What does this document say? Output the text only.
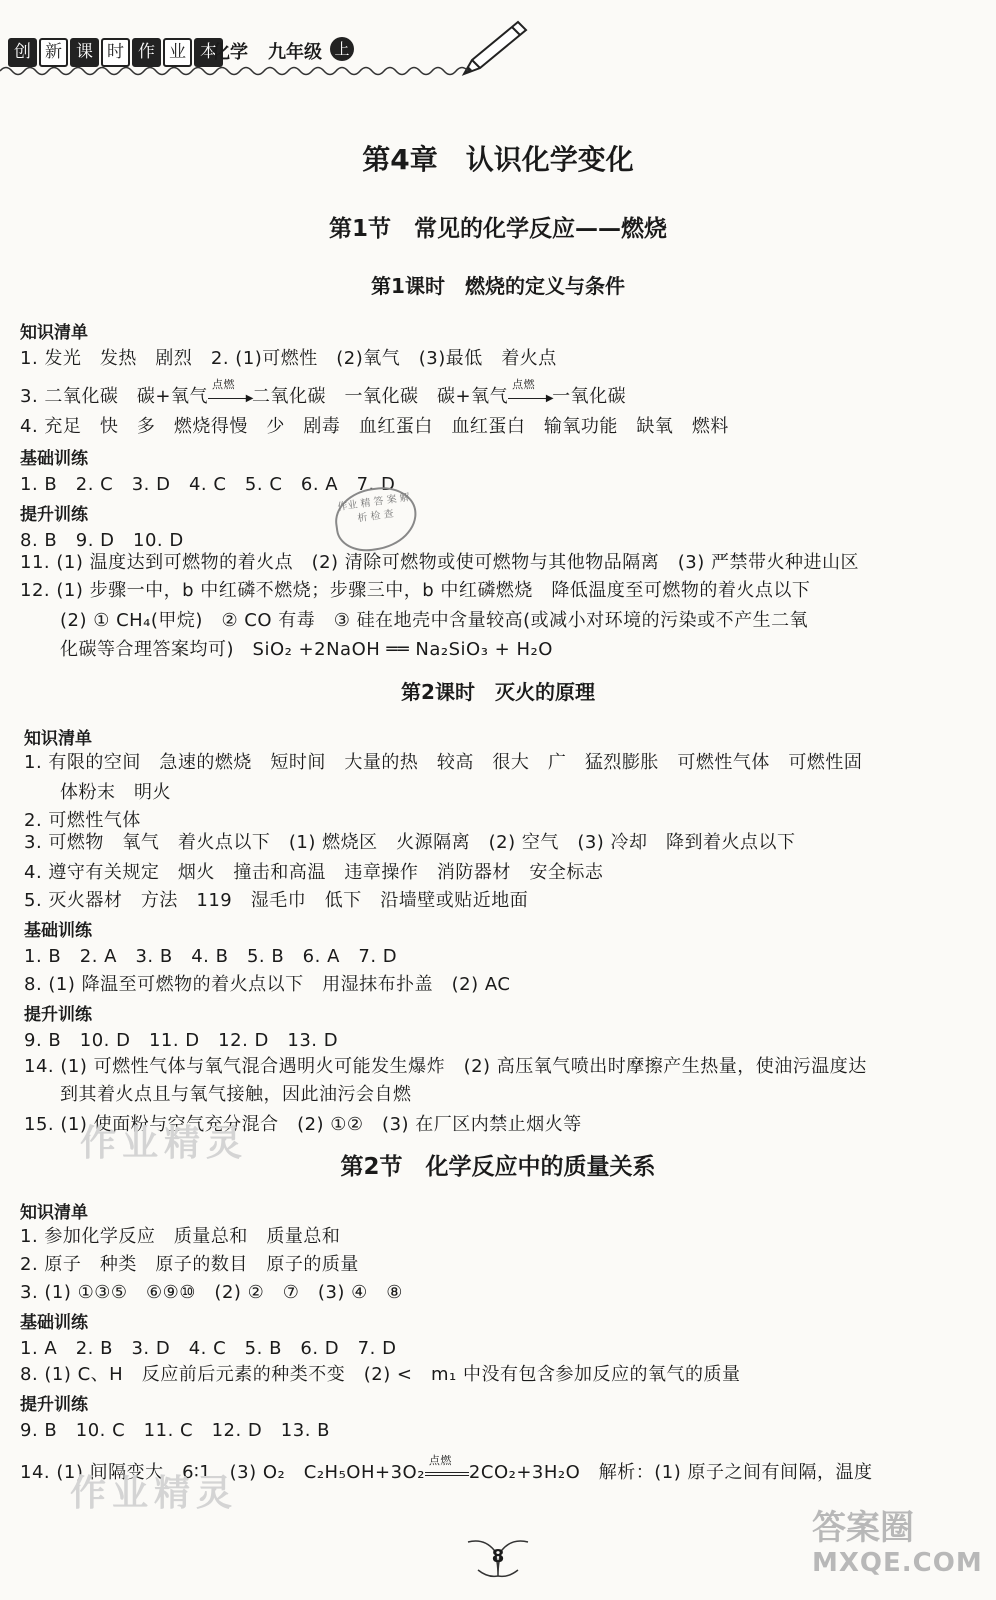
创 新 课 时 作 业 本
化学 九年级 上
第4章　认识化学变化
第1节　常见的化学反应——燃烧
第1课时　燃烧的定义与条件
知识清单
1. 发光　发热　剧烈　2. (1)可燃性　(2)氧气　(3)最低　着火点
3. 二氧化碳　碳+氧气
点燃
▶
二氧化碳　一氧化碳　碳+氧气
点燃
▶
一氧化碳
4. 充足　快　多　燃烧得慢　少　剧毒　血红蛋白　血红蛋白　输氧功能　缺氧　燃料
基础训练
1. B　2. C　3. D　4. C　5. C　6. A　7. D
提升训练
8. B　9. D　10. D
11. (1) 温度达到可燃物的着火点　(2) 清除可燃物或使可燃物与其他物品隔离　(3) 严禁带火种进山区
12. (1) 步骤一中，b 中红磷不燃烧；步骤三中，b 中红磷燃烧　降低温度至可燃物的着火点以下
(2) ① CH₄(甲烷)　② CO 有毒　③ 硅在地壳中含量较高(或减小对环境的污染或不产生二氧
化碳等合理答案均可)　SiO₂ +2NaOH ══ Na₂SiO₃ + H₂O
作业 精 答 案 解 析 检 查
第2课时　灭火的原理
知识清单
1. 有限的空间　急速的燃烧　短时间　大量的热　较高　很大　广　猛烈膨胀　可燃性气体　可燃性固
体粉末　明火
2. 可燃性气体
3. 可燃物　氧气　着火点以下　(1) 燃烧区　火源隔离　(2) 空气　(3) 冷却　降到着火点以下
4. 遵守有关规定　烟火　撞击和高温　违章操作　消防器材　安全标志
5. 灭火器材　方法　119　湿毛巾　低下　沿墙壁或贴近地面
基础训练
1. B　2. A　3. B　4. B　5. B　6. A　7. D
8. (1) 降温至可燃物的着火点以下　用湿抹布扑盖　(2) AC
提升训练
9. B　10. D　11. D　12. D　13. D
14. (1) 可燃性气体与氧气混合遇明火可能发生爆炸　(2) 高压氧气喷出时摩擦产生热量，使油污温度达
到其着火点且与氧气接触，因此油污会自燃
15. (1) 使面粉与空气充分混合　(2) ①②　(3) 在厂区内禁止烟火等
作业精灵
第2节　化学反应中的质量关系
知识清单
1. 参加化学反应　质量总和　质量总和
2. 原子　种类　原子的数目　原子的质量
3. (1) ①③⑤　⑥⑨⑩　(2) ②　⑦　(3) ④　⑧
基础训练
1. A　2. B　3. D　4. C　5. B　6. D　7. D
8. (1) C、H　反应前后元素的种类不变　(2) <　m₁ 中没有包含参加反应的氧气的质量
提升训练
9. B　10. C　11. C　12. D　13. B
14. (1) 间隔变大　6∶1　(3) O₂　C₂H₅OH+3O₂
点燃
2CO₂+3H₂O　解析：(1) 原子之间有间隔，温度
作业精灵
答案圈
MXQE.COM
8
